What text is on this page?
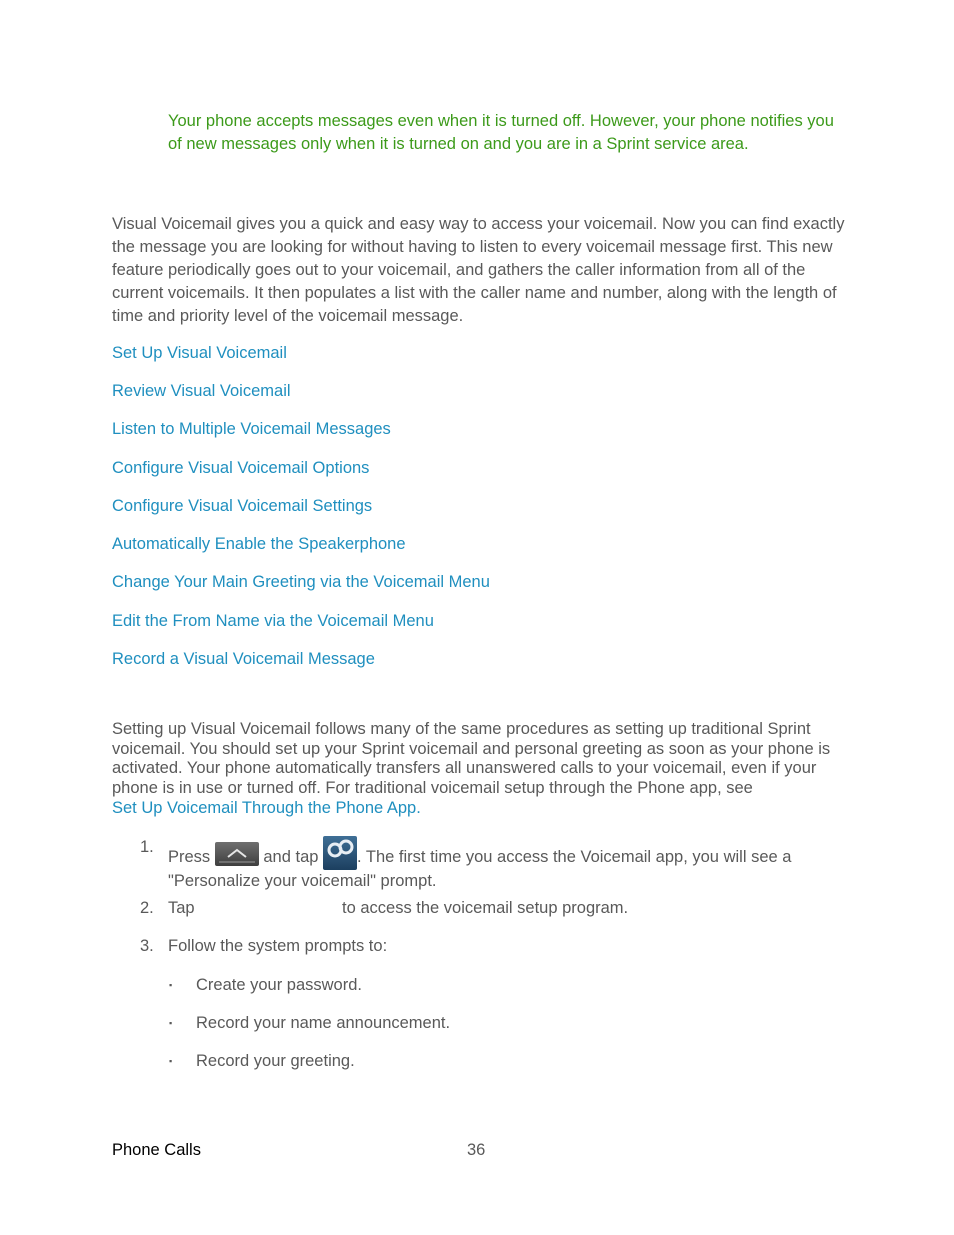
Your phone accepts messages even when it is turned off. However, your phone notifies you of new messages only when it is turned on and you are in a Sprint service area.
Visual Voicemail gives you a quick and easy way to access your voicemail. Now you can find exactly the message you are looking for without having to listen to every voicemail message first. This new feature periodically goes out to your voicemail, and gathers the caller information from all of the current voicemails. It then populates a list with the caller name and number, along with the length of time and priority level of the voicemail message.
Set Up Visual Voicemail
Review Visual Voicemail
Listen to Multiple Voicemail Messages
Configure Visual Voicemail Options
Configure Visual Voicemail Settings
Automatically Enable the Speakerphone
Change Your Main Greeting via the Voicemail Menu
Edit the From Name via the Voicemail Menu
Record a Visual Voicemail Message
Setting up Visual Voicemail follows many of the same procedures as setting up traditional Sprint voicemail. You should set up your Sprint voicemail and personal greeting as soon as your phone is activated. Your phone automatically transfers all unanswered calls to your voicemail, even if your phone is in use or turned off. For traditional voicemail setup through the Phone app, see Set Up Voicemail Through the Phone App.
1.
Press	and tap . The first time you access the Voicemail app, you will see a "Personalize your voicemail" prompt.
2. Tap	to access the voicemail setup program.
3. Follow the system prompts to:
▪ Create your password.
▪ Record your name announcement.
▪ Record your greeting.
Phone Calls	36
